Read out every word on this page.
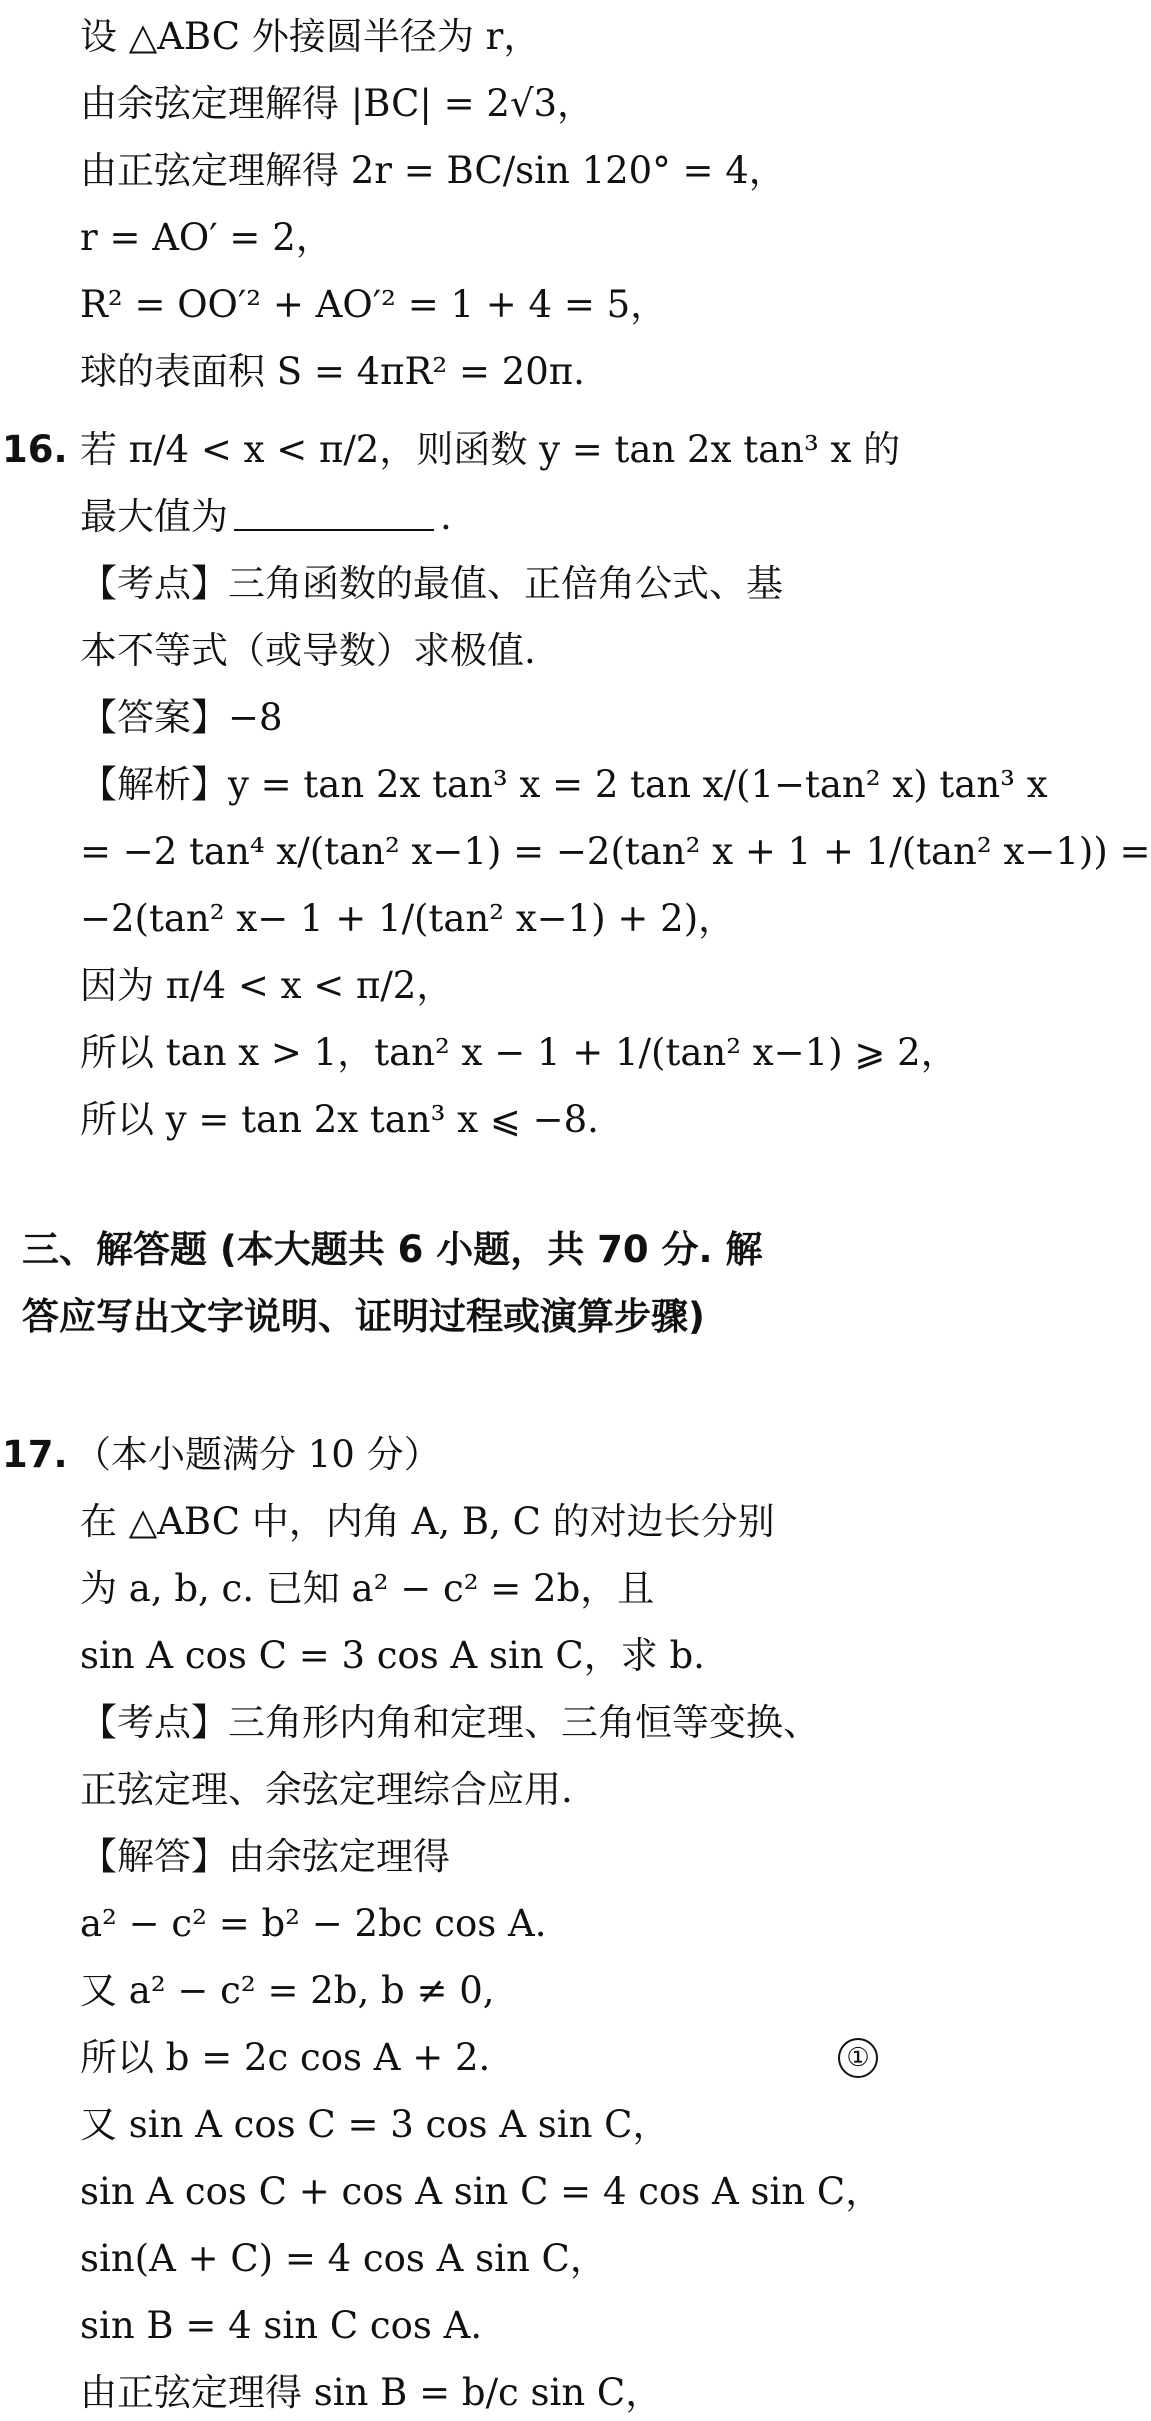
设 △ABC 外接圆半径为 r，
由余弦定理解得 |BC| = 2√3，
由正弦定理解得 2r = BC/sin 120° = 4，
r = AO′ = 2，
R² = OO′² + AO′² = 1 + 4 = 5，
球的表面积 S = 4πR² = 20π.
16. 若 π/4 < x < π/2，则函数 y = tan 2x tan³ x 的
最大值为	.
【考点】三角函数的最值、正倍角公式、基
本不等式（或导数）求极值.
【答案】−8
【解析】y = tan 2x tan³ x = 2 tan x/(1−tan² x) tan³ x
= −2 tan⁴ x/(tan² x−1) = −2(tan² x + 1 + 1/(tan² x−1)) =
−2(tan² x− 1 + 1/(tan² x−1) + 2)，
因为 π/4 < x < π/2，
所以 tan x > 1，tan² x − 1 + 1/(tan² x−1) ⩾ 2，
所以 y = tan 2x tan³ x ⩽ −8.
三、解答题 (本大题共 6 小题，共 70 分. 解
答应写出文字说明、证明过程或演算步骤)
17. （本小题满分 10 分）
在 △ABC 中，内角 A, B, C 的对边长分别
为 a, b, c. 已知 a² − c² = 2b，且
sin A cos C = 3 cos A sin C，求 b.
【考点】三角形内角和定理、三角恒等变换、
正弦定理、余弦定理综合应用.
【解答】由余弦定理得
a² − c² = b² − 2bc cos A.
又 a² − c² = 2b, b ≠ 0,
所以 b = 2c cos A + 2.	①
又 sin A cos C = 3 cos A sin C，
sin A cos C + cos A sin C = 4 cos A sin C，
sin(A + C) = 4 cos A sin C，
sin B = 4 sin C cos A.
由正弦定理得 sin B = b/c sin C，
